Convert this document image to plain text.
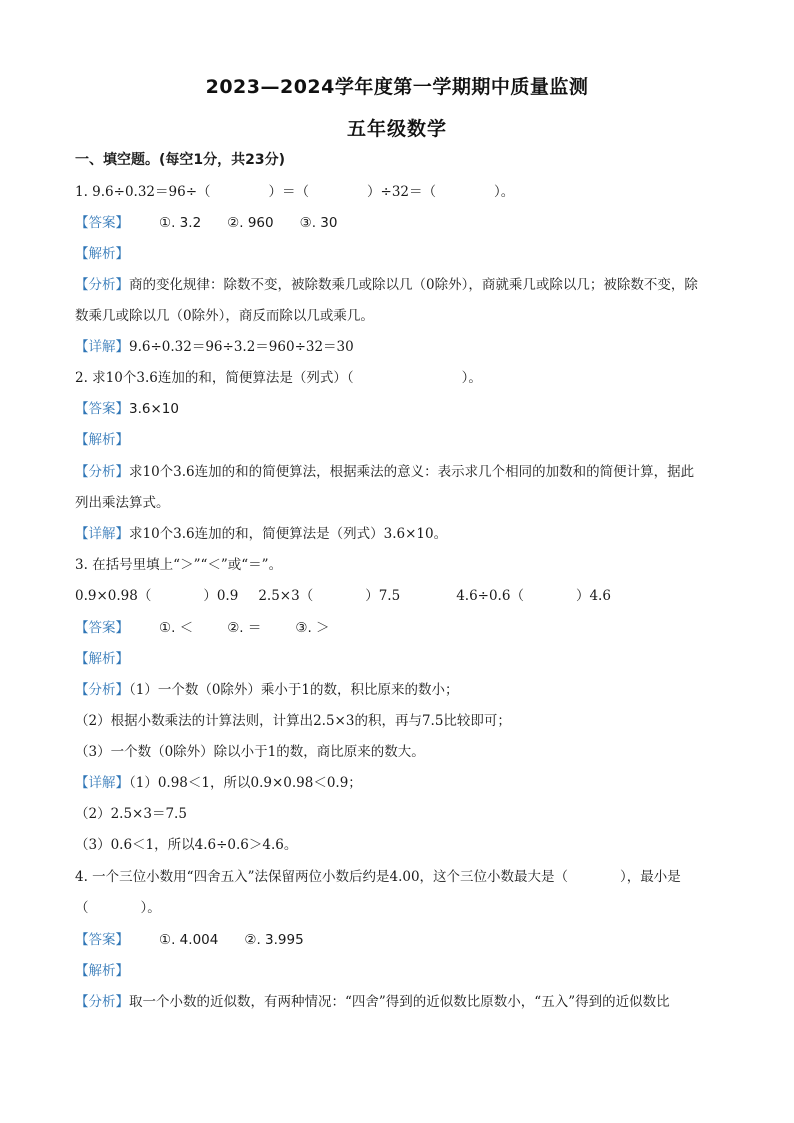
2023—2024学年度第一学期期中质量监测
五年级数学
一、填空题。(每空1分，共23分)
1. 9.6÷0.32＝96÷（	）＝（	）÷32＝（	）。
【答案】 ①. 3.2 ②. 960 ③. 30
【解析】
【分析】商的变化规律：除数不变，被除数乘几或除以几（0除外），商就乘几或除以几；被除数不变，除
数乘几或除以几（0除外），商反而除以几或乘几。
【详解】9.6÷0.32＝96÷3.2＝960÷32＝30
2. 求10个3.6连加的和，简便算法是（列式）（	）。
【答案】3.6×10
【解析】
【分析】求10个3.6连加的和的简便算法，根据乘法的意义：表示求几个相同的加数和的简便计算，据此
列出乘法算式。
【详解】求10个3.6连加的和，简便算法是（列式）3.6×10。
3. 在括号里填上“＞”“＜”或“＝”。
0.9×0.98（	）0.9 2.5×3（	）7.5	4.6÷0.6（	）4.6
【答案】 ①. ＜	②. ＝	③. ＞
【解析】
【分析】（1）一个数（0除外）乘小于1的数，积比原来的数小；
（2）根据小数乘法的计算法则，计算出2.5×3的积，再与7.5比较即可；
（3）一个数（0除外）除以小于1的数，商比原来的数大。
【详解】（1）0.98＜1，所以0.9×0.98＜0.9；
（2）2.5×3＝7.5
（3）0.6＜1，所以4.6÷0.6＞4.6。
4. 一个三位小数用“四舍五入”法保留两位小数后约是4.00，这个三位小数最大是（	），最小是
（	）。
【答案】 ①. 4.004 ②. 3.995
【解析】
【分析】取一个小数的近似数，有两种情况：“四舍”得到的近似数比原数小，“五入”得到的近似数比
